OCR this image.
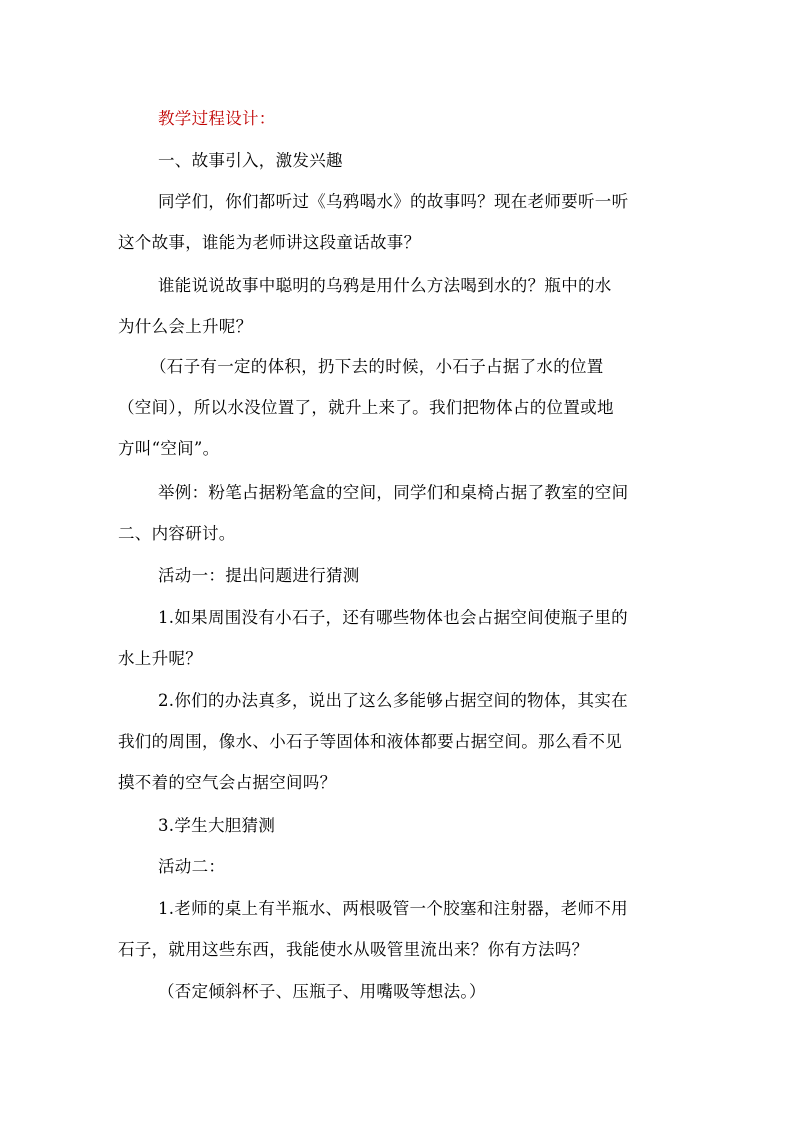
教学过程设计：

一、故事引入，激发兴趣

同学们，你们都听过《乌鸦喝水》的故事吗？现在老师要听一听
这个故事，谁能为老师讲这段童话故事？
谁能说说故事中聪明的乌鸦是用什么方法喝到水的？瓶中的水
为什么会上升呢？
（石子有一定的体积，扔下去的时候，小石子占据了水的位置
（空间），所以水没位置了，就升上来了。我们把物体占的位置或地
方叫“空间”。

举例：粉笔占据粉笔盒的空间，同学们和桌椅占据了教室的空间

二、内容研讨。

活动一：提出问题进行猜测

1.如果周围没有小石子，还有哪些物体也会占据空间使瓶子里的
水上升呢？
2.你们的办法真多，说出了这么多能够占据空间的物体，其实在
我们的周围，像水、小石子等固体和液体都要占据空间。那么看不见
摸不着的空气会占据空间吗？

3.学生大胆猜测

活动二：

1.老师的桌上有半瓶水、两根吸管一个胶塞和注射器，老师不用
石子，就用这些东西，我能使水从吸管里流出来？你有方法吗？

（否定倾斜杯子、压瓶子、用嘴吸等想法。）
